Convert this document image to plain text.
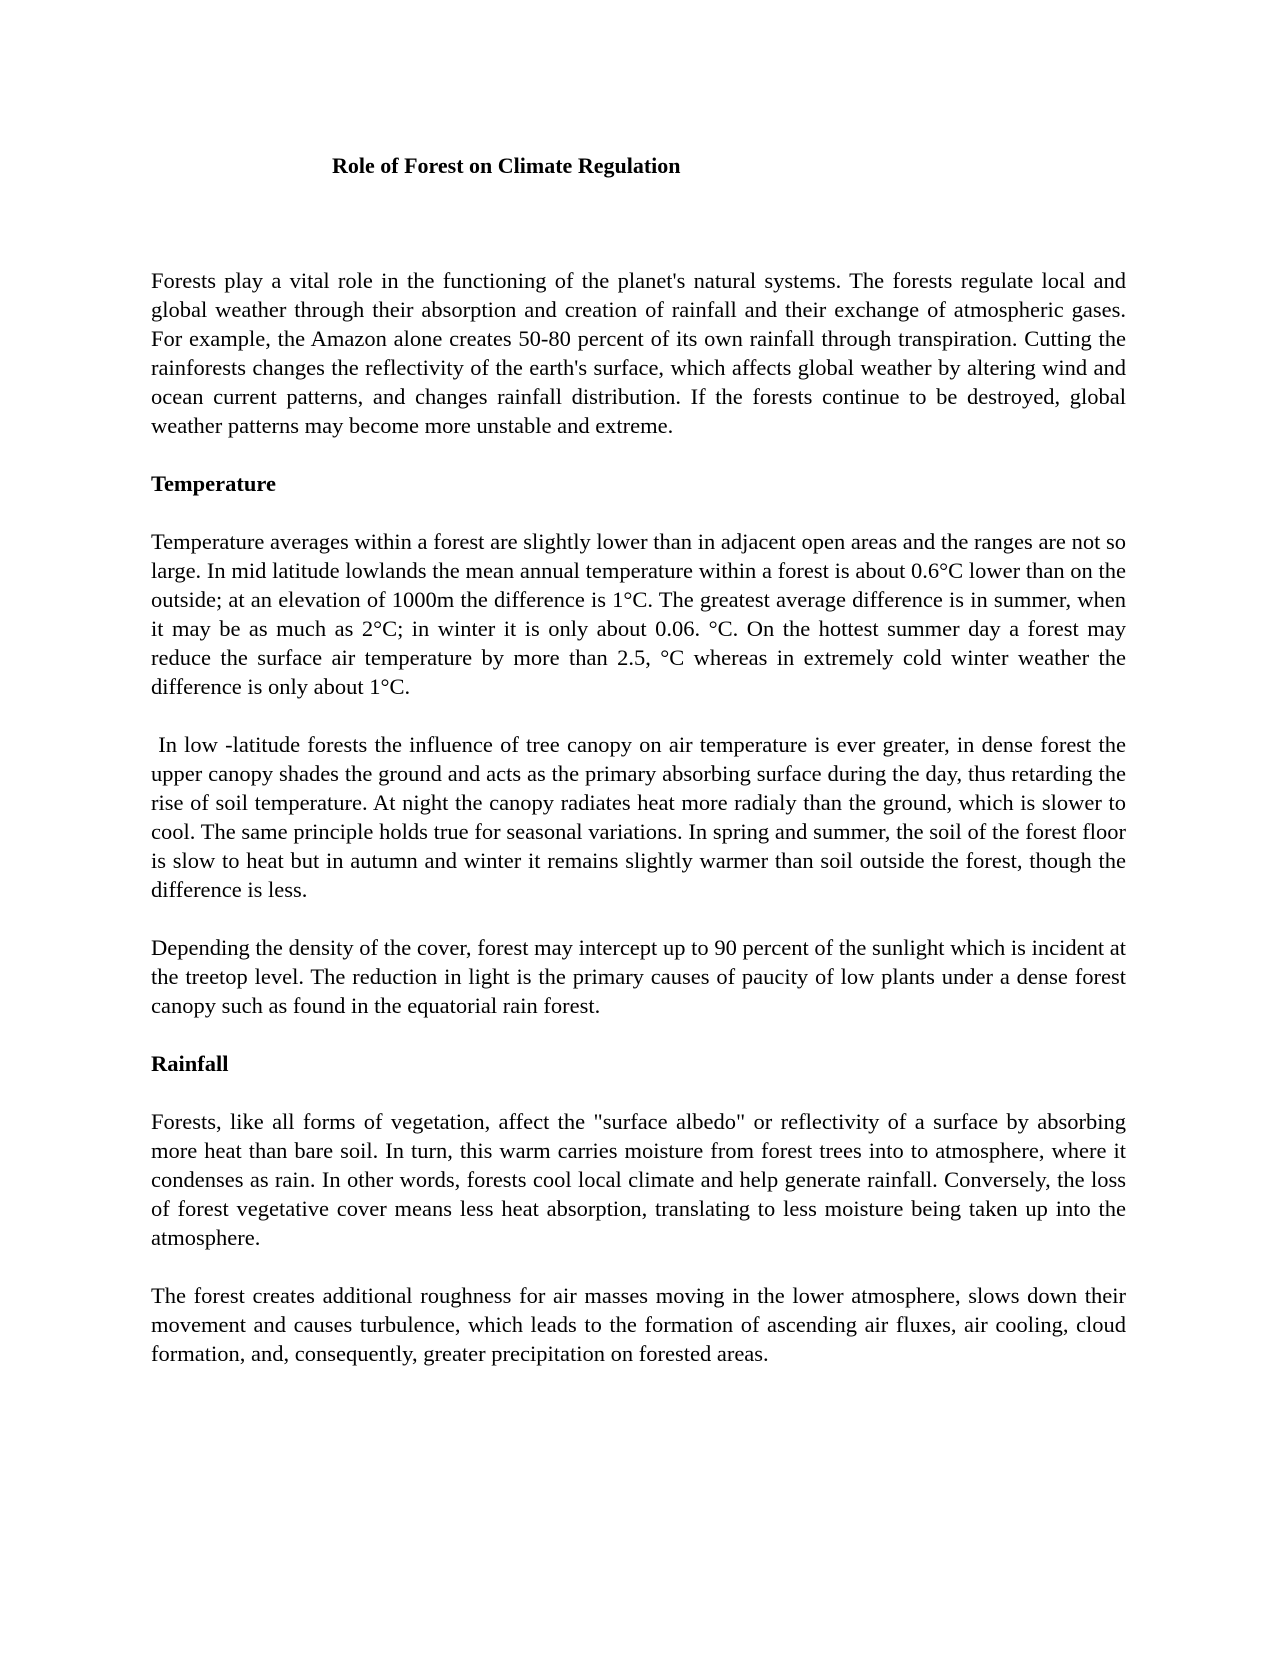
Role of Forest on Climate Regulation

Forests play a vital role in the functioning of the planet's natural systems. The forests regulate local and global weather through their absorption and creation of rainfall and their exchange of atmospheric gases. For example, the Amazon alone creates 50-80 percent of its own rainfall through transpiration. Cutting the rainforests changes the reflectivity of the earth's surface, which affects global weather by altering wind and ocean current patterns, and changes rainfall distribution. If the forests continue to be destroyed, global weather patterns may become more unstable and extreme.

Temperature

Temperature averages within a forest are slightly lower than in adjacent open areas and the ranges are not so large. In mid latitude lowlands the mean annual temperature within a forest is about 0.6°C lower than on the outside; at an elevation of 1000m the difference is 1°C. The greatest average difference is in summer, when it may be as much as 2°C; in winter it is only about 0.06. °C. On the hottest summer day a forest may reduce the surface air temperature by more than 2.5, °C whereas in extremely cold winter weather the difference is only about 1°C.

In low -latitude forests the influence of tree canopy on air temperature is ever greater, in dense forest the upper canopy shades the ground and acts as the primary absorbing surface during the day, thus retarding the rise of soil temperature. At night the canopy radiates heat more radialy than the ground, which is slower to cool. The same principle holds true for seasonal variations. In spring and summer, the soil of the forest floor is slow to heat but in autumn and winter it remains slightly warmer than soil outside the forest, though the difference is less.

Depending the density of the cover, forest may intercept up to 90 percent of the sunlight which is incident at the treetop level. The reduction in light is the primary causes of paucity of low plants under a dense forest canopy such as found in the equatorial rain forest.

Rainfall

Forests, like all forms of vegetation, affect the "surface albedo" or reflectivity of a surface by absorbing more heat than bare soil. In turn, this warm carries moisture from forest trees into to atmosphere, where it condenses as rain. In other words, forests cool local climate and help generate rainfall. Conversely, the loss of forest vegetative cover means less heat absorption, translating to less moisture being taken up into the atmosphere.

The forest creates additional roughness for air masses moving in the lower atmosphere, slows down their movement and causes turbulence, which leads to the formation of ascending air fluxes, air cooling, cloud formation, and, consequently, greater precipitation on forested areas.
